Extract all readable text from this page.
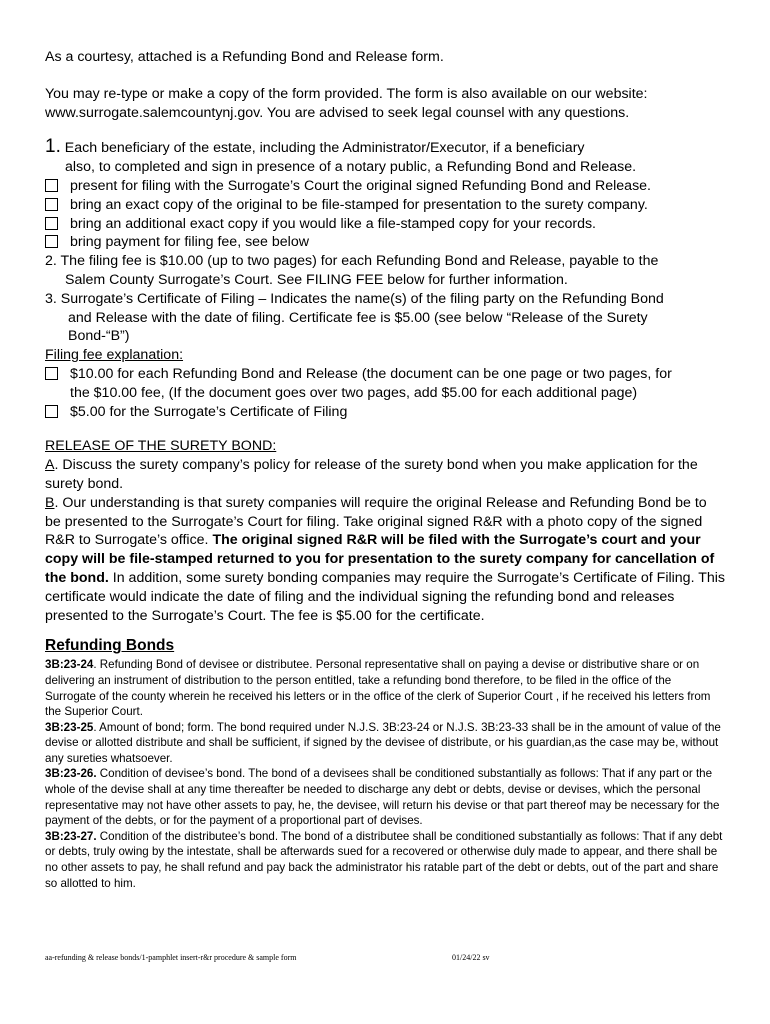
As a courtesy, attached is a Refunding Bond and Release form.

You may re-type or make a copy of the form provided. The form is also available on our website:

www.surrogate.salemcountynj.gov. You are advised to seek legal counsel with any questions.

1. Each beneficiary of the estate, including the Administrator/Executor, if a beneficiary

also, to completed and sign in presence of a notary public, a Refunding Bond and Release.

present for filing with the Surrogate’s Court the original signed Refunding Bond and Release.

bring an exact copy of the original to be file-stamped for presentation to the surety company.

bring an additional exact copy if you would like a file-stamped copy for your records.

bring payment for filing fee, see below

2. The filing fee is $10.00 (up to two pages) for each Refunding Bond and Release, payable to the

Salem County Surrogate’s Court. See FILING FEE below for further information.

3. Surrogate’s Certificate of Filing – Indicates the name(s) of the filing party on the Refunding Bond

and Release with the date of filing. Certificate fee is $5.00 (see below “Release of the Surety

Bond-“B”)

Filing fee explanation:

$10.00 for each Refunding Bond and Release (the document can be one page or two pages, for

the $10.00 fee, (If the document goes over two pages, add $5.00 for each additional page)

$5.00 for the Surrogate’s Certificate of Filing

RELEASE OF THE SURETY BOND:

A. Discuss the surety company’s policy for release of the surety bond when you make application for the surety bond.

B. Our understanding is that surety companies will require the original Release and Refunding Bond be to be presented to the Surrogate’s Court for filing. Take original signed R&R with a photo copy of the signed R&R to Surrogate’s office. The original signed R&R will be filed with the Surrogate’s court and your copy will be file-stamped returned to you for presentation to the surety company for cancellation of the bond. In addition, some surety bonding companies may require the Surrogate’s Certificate of Filing. This certificate would indicate the date of filing and the individual signing the refunding bond and releases presented to the Surrogate’s Court. The fee is $5.00 for the certificate.

Refunding Bonds

3B:23-24. Refunding Bond of devisee or distributee. Personal representative shall on paying a devise or distributive share or on delivering an instrument of distribution to the person entitled, take a refunding bond therefore, to be filed in the office of the Surrogate of the county wherein he received his letters or in the office of the clerk of Superior Court , if he received his letters from the Superior Court.

3B:23-25. Amount of bond; form. The bond required under N.J.S. 3B:23-24 or N.J.S. 3B:23-33 shall be in the amount of value of the devise or allotted distribute and shall be sufficient, if signed by the devisee of distribute, or his guardian,as the case may be, without any sureties whatsoever.

3B:23-26. Condition of devisee’s bond. The bond of a devisees shall be conditioned substantially as follows: That if any part or the whole of the devise shall at any time thereafter be needed to discharge any debt or debts, devise or devises, which the personal representative may not have other assets to pay, he, the devisee, will return his devise or that part thereof may be necessary for the payment of the debts, or for the payment of a proportional part of devises.

3B:23-27. Condition of the distributee’s bond. The bond of a distributee shall be conditioned substantially as follows: That if any debt or debts, truly owing by the intestate, shall be afterwards sued for a recovered or otherwise duly made to appear, and there shall be no other assets to pay, he shall refund and pay back the administrator his ratable part of the debt or debts, out of the part and share so allotted to him.

aa-refunding & release bonds/1-pamphlet insert-r&r procedure & sample form	01/24/22 sv
